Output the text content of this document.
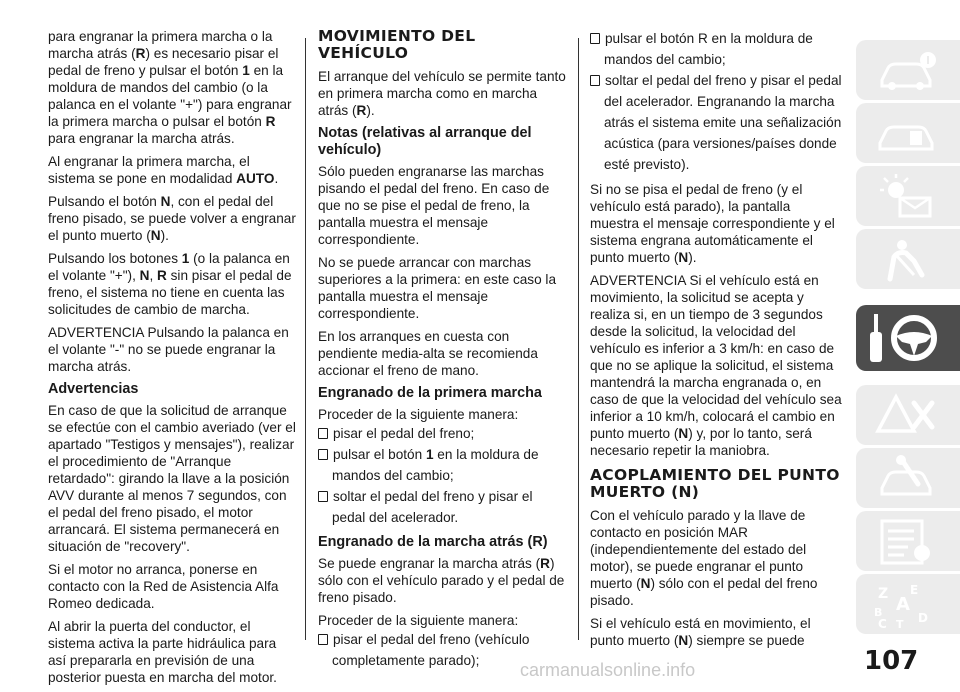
para engranar la primera marcha o la marcha atrás (R) es necesario pisar el pedal de freno y pulsar el botón 1 en la moldura de mandos del cambio (o la palanca en el volante "+") para engranar la primera marcha o pulsar el botón R para engranar la marcha atrás.

Al engranar la primera marcha, el sistema se pone en modalidad AUTO.

Pulsando el botón N, con el pedal del freno pisado, se puede volver a engranar el punto muerto (N).

Pulsando los botones 1 (o la palanca en el volante "+"), N, R sin pisar el pedal de freno, el sistema no tiene en cuenta las solicitudes de cambio de marcha.

ADVERTENCIA Pulsando la palanca en el volante "-" no se puede engranar la marcha atrás.

Advertencias

En caso de que la solicitud de arranque se efectúe con el cambio averiado (ver el apartado "Testigos y mensajes"), realizar el procedimiento de "Arranque retardado": girando la llave a la posición AVV durante al menos 7 segundos, con el pedal del freno pisado, el motor arrancará. El sistema permanecerá en situación de "recovery".

Si el motor no arranca, ponerse en contacto con la Red de Asistencia Alfa Romeo dedicada.

Al abrir la puerta del conductor, el sistema activa la parte hidráulica para así prepararla en previsión de una posterior puesta en marcha del motor.

MOVIMIENTO DEL VEHÍCULO

El arranque del vehículo se permite tanto en primera marcha como en marcha atrás (R).

Notas (relativas al arranque del vehículo)

Sólo pueden engranarse las marchas pisando el pedal del freno. En caso de que no se pise el pedal de freno, la pantalla muestra el mensaje correspondiente.

No se puede arrancar con marchas superiores a la primera: en este caso la pantalla muestra el mensaje correspondiente.

En los arranques en cuesta con pendiente media-alta se recomienda accionar el freno de mano.

Engranado de la primera marcha

Proceder de la siguiente manera:

pisar el pedal del freno;
pulsar el botón 1 en la moldura de mandos del cambio;
soltar el pedal del freno y pisar el pedal del acelerador.
Engranado de la marcha atrás (R)

Se puede engranar la marcha atrás (R) sólo con el vehículo parado y el pedal de freno pisado.

Proceder de la siguiente manera:

pisar el pedal del freno (vehículo completamente parado);
pulsar el botón R en la moldura de mandos del cambio;
soltar el pedal del freno y pisar el pedal del acelerador. Engranando la marcha atrás el sistema emite una señalización acústica (para versiones/países donde esté previsto).

Si no se pisa el pedal de freno (y el vehículo está parado), la pantalla muestra el mensaje correspondiente y el sistema engrana automáticamente el punto muerto (N).

ADVERTENCIA Si el vehículo está en movimiento, la solicitud se acepta y realiza si, en un tiempo de 3 segundos desde la solicitud, la velocidad del vehículo es inferior a 3 km/h: en caso de que no se aplique la solicitud, el sistema mantendrá la marcha engranada o, en caso de que la velocidad del vehículo sea inferior a 10 km/h, colocará el cambio en punto muerto (N) y, por lo tanto, será necesario repetir la maniobra.

ACOPLAMIENTO DEL PUNTO MUERTO (N)

Con el vehículo parado y la llave de contacto en posición MAR (independientemente del estado del motor), se puede engranar el punto muerto (N) sólo con el pedal del freno pisado.

Si el vehículo está en movimiento, el punto muerto (N) siempre se puede

Z E
A
B
C T D
107
carmanualsonline.info
